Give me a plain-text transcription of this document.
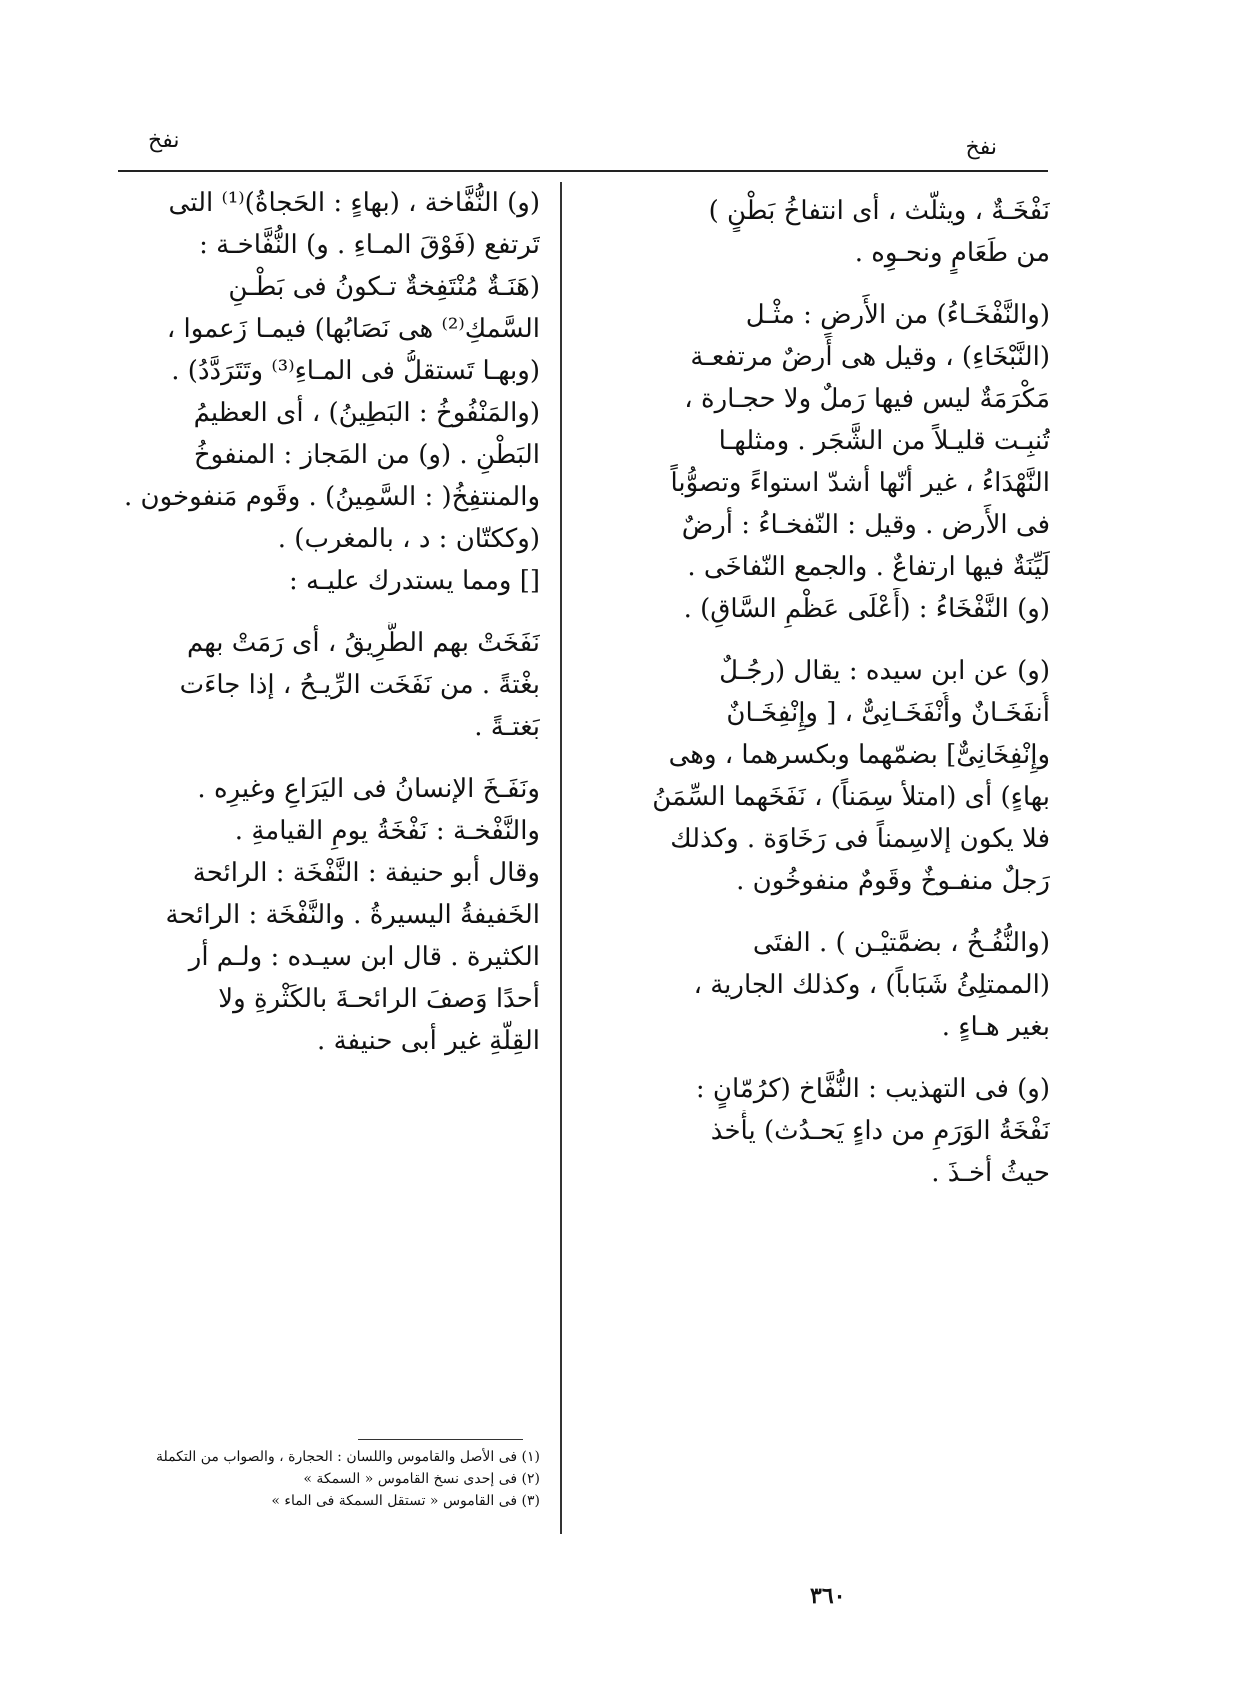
نفخ
نفخ
نَفْخَـةٌ ، ويثلّث ، أى انتفاخُ بَطْنٍ )
من طَعَامٍ ونحـوِه .
(والنَّفْخَـاءُ) من الأَرضِ : مثْـل
(النَّبْخَاءِ) ، وقيل هى أَرضٌ مرتفعـة
مَكْرَمَةٌ ليس فيها رَملٌ ولا حجـارة ،
تُنبِـت قليـلاً من الشَّجَر . ومثلهـا
النَّهْدَاءُ ، غير أنّها أشدّ استواءً وتصوُّباً
فى الأَرض . وقيل : النّفخـاءُ : أرضٌ
لَيِّنَةٌ فيها ارتفاعٌ . والجمع النّفاخَى .
(و) النَّفْخَاءُ : (أَعْلَى عَظْمِ السَّاقِ) .
(و) عن ابن سيده : يقال (رجُـلٌ
أُنفَخَـانٌ وأُنْفَخَـانِىٌّ ، [ وإِنْفِخَـانٌ
وإِنْفِخَانِىٌّ] بضمّهما وبكسرهما ، وهى
بهاءٍ) أى (امتلأ سِمَناً) ، نَفَخَهما السِّمَنُ
فلا يكون إلاسِمناً فى رَخَاوَة . وكذلك
رَجلٌ منفـوخٌ وقَومٌ منفوخُون .
(والنُّفُـخُ ، بضمَّتيْـن ) . الفتَى
(الممتلِئُ شَبَاباً) ، وكذلك الجارية ،
بغير هـاءٍ .
(و) فى التهذيب : النُّفَّاخ (كرُمّانٍ :
نَفْخَةُ الوَرَمِ من داءٍ يَحـدُث) يأْخذ
حيثُ أخـذَ .
(و) النُّفَّاخة ، (بهاءٍ : الحَجاةُ)⁽¹⁾ التى
تَرتفع (فَوْقَ المـاءِ . و) النُّفَّاخـة :
(هَنَـةٌ مُنْتَفِخةٌ تـكونُ فى بَطْـنِ
السَّمكِ⁽²⁾ هى نَصَابُها) فيمـا زَعموا ،
(وبهـا تَستقلُّ فى المـاءِ⁽³⁾ وتَتَرَدَّدُ) .
(والمَنْفُوخُ : البَطِينُ) ، أى العظيمُ
البَطْنِ . (و) من المَجاز : المنفوخُ
والمنتفِخُ( : السَّمِينُ) . وقَوم مَنفوخون .
(وككتّان : د ، بالمغرب) .
[] ومما يستدرك عليـه :
نَفَخَتْ بهم الطَّرِيقُ ، أى رَمَتْ بهم
بغْتةً . من نَفَخَت الرِّيـحُ ، إذا جاءَت
بَغتـةً .
ونَفَـخَ الإنسانُ فى اليَرَاعِ وغيرِه .
والنَّفْخـة : نَفْخَةُ يومِ القيامةِ .
وقال أبو حنيفة : النَّفْخَة : الرائحة
الخَفيفةُ اليسيرةُ . والنَّفْخَة : الرائحة
الكثيرة . قال ابن سيـده : ولـم أر
أحدًا وَصفَ الرائحـةَ بالكَثْرةِ ولا
القِلّةِ غير أبى حنيفة .
(١) فى الأصل والقاموس واللسان : الحجارة ، والصواب من التكملة
(٢) فى إحدى نسخ القاموس « السمكة »
(٣) فى القاموس « تستقل السمكة فى الماء »
٣٦٠
